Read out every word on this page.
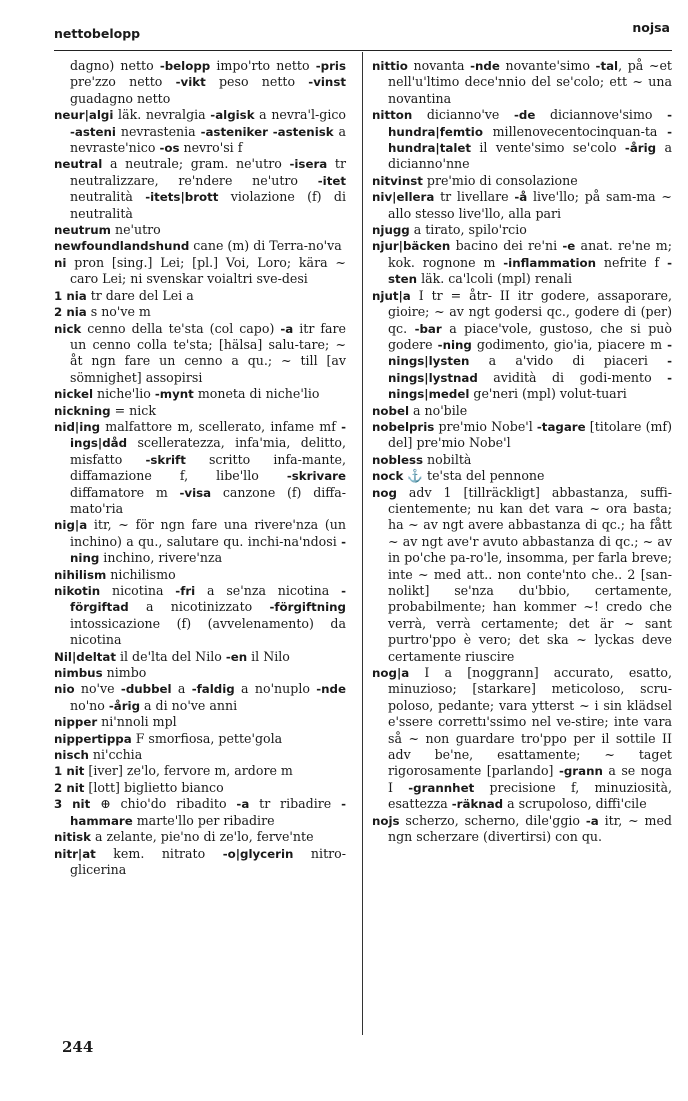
nettobelopp	nojsa

dagno) netto -belopp impo'rto netto -pris pre'zzo netto -vikt peso netto -vinst guadagno netto

neur|algi läk. nevralgia -algisk a nevra'l-gico -asteni nevrastenia -asteniker -astenisk a nevraste'nico -os nevro'si f

neutral a neutrale; gram. ne'utro -isera tr neutralizzare, re'ndere ne'utro -itet neutralità -itets|brott violazione (f) di neutralità

neutrum ne'utro

newfoundlandshund cane (m) di Terra-no'va

ni pron [sing.] Lei; [pl.] Voi, Loro; kära ~ caro Lei; ni svenskar voialtri sve-desi

1 nia tr dare del Lei a

2 nia s no've m

nick cenno della te'sta (col capo) -a itr fare un cenno colla te'sta; [hälsa] salu-tare; ~ åt ngn fare un cenno a qu.; ~ till [av sömnighet] assopirsi

nickel niche'lio -mynt moneta di niche'lio

nickning = nick

nid|ing malfattore m, scellerato, infame mf -ings|dåd scelleratezza, infa'mia, delitto, misfatto -skrift scritto infa-mante, diffamazione f, libe'llo -skrivare diffamatore m -visa canzone (f) diffa-mato'ria

nig|a itr, ~ för ngn fare una rivere'nza (un inchino) a qu., salutare qu. inchi-na'ndosi -ning inchino, rivere'nza

nihilism nichilismo

nikotin nicotina -fri a se'nza nicotina -förgiftad a nicotinizzato -förgiftning intossicazione (f) (avvelenamento) da nicotina

Nil|deltat il de'lta del Nilo -en il Nilo

nimbus nimbo

nio no've -dubbel a -faldig a no'nuplo -nde no'no -årig a di no've anni

nipper ni'nnoli mpl

nippertippa F smorfiosa, pette'gola

nisch ni'cchia

1 nit [iver] ze'lo, fervore m, ardore m

2 nit [lott] biglietto bianco

3 nit ⊕ chio'do ribadito -a tr ribadire -hammare marte'llo per ribadire

nitisk a zelante, pie'no di ze'lo, ferve'nte

nitr|at kem. nitrato -o|glycerin nitro-glicerina

nittio novanta -nde novante'simo -tal, på ~et nell'u'ltimo dece'nnio del se'colo; ett ~ una novantina

nitton dicianno've -de diciannove'simo -hundra|femtio millenovecentocinquan-ta -hundra|talet il vente'simo se'colo -årig a dicianno'nne

nitvinst pre'mio di consolazione

niv|ellera tr livellare -å live'llo; på sam-ma ~ allo stesso live'llo, alla pari

njugg a tirato, spilo'rcio

njur|bäcken bacino dei re'ni -e anat. re'ne m; kok. rognone m -inflammation nefrite f -sten läk. ca'lcoli (mpl) renali

njut|a I tr = åtr- II itr godere, assaporare, gioire; ~ av ngt godersi qc., godere di (per) qc. -bar a piace'vole, gustoso, che si può godere -ning godimento, gio'ia, piacere m -nings|lysten a a'vido di piaceri -nings|lystnad avidità di godi-mento -nings|medel ge'neri (mpl) volut-tuari

nobel a no'bile

nobelpris pre'mio Nobe'l -tagare [titolare (mf) del] pre'mio Nobe'l

nobless nobiltà

nock ⚓ te'sta del pennone

nog adv 1 [tillräckligt] abbastanza, suffi-cientemente; nu kan det vara ~ ora basta; ha ~ av ngt avere abbastanza di qc.; ha fått ~ av ngt ave'r avuto abbastanza di qc.; ~ av in po'che pa-ro'le, insomma, per farla breve; inte ~ med att.. non conte'nto che.. 2 [san-nolikt] se'nza du'bbio, certamente, probabilmente; han kommer ~! credo che verrà, verrà certamente; det är ~ sant purtro'ppo è vero; det ska ~ lyckas deve certamente riuscire

nog|a I a [noggrann] accurato, esatto, minuzioso; [starkare] meticoloso, scru-poloso, pedante; vara ytterst ~ i sin klädsel e'ssere correttı'ssimo nel ve-stire; inte vara så ~ non guardare tro'ppo per il sottile II adv be'ne, esattamente; ~ taget rigorosamente [parlando] -grann a se noga I -grannhet precisione f, minuziosità, esattezza -räknad a scrupoloso, diffi'cile

nojs scherzo, scherno, dile'ggio -a itr, ~ med ngn scherzare (divertirsi) con qu.

244
